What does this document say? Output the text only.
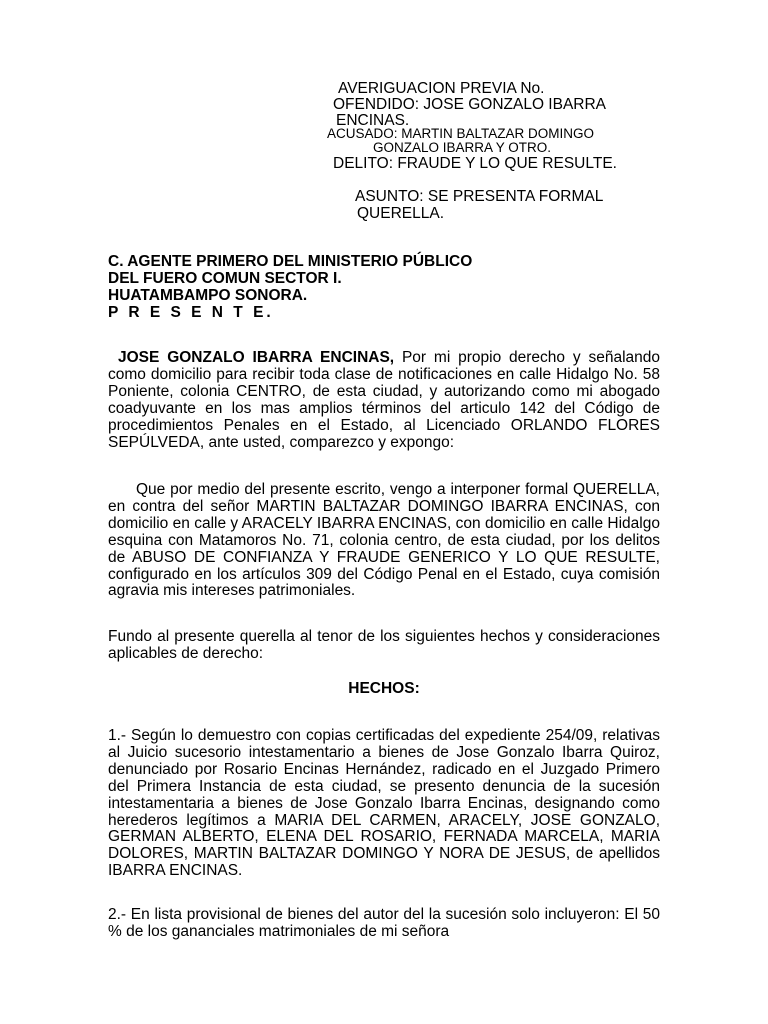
AVERIGUACION PREVIA No.
OFENDIDO: JOSE GONZALO IBARRA
ENCINAS.
ACUSADO: MARTIN BALTAZAR DOMINGO
GONZALO IBARRA Y OTRO.
DELITO: FRAUDE Y LO QUE RESULTE.
ASUNTO: SE PRESENTA FORMAL
QUERELLA.
C. AGENTE PRIMERO DEL MINISTERIO PÚBLICO
DEL FUERO COMUN SECTOR I.
HUATAMBAMPO SONORA.
P R E S E N T E.
JOSE GONZALO IBARRA ENCINAS, Por mi propio derecho y señalando como domicilio para recibir toda clase de notificaciones en calle Hidalgo No. 58 Poniente, colonia CENTRO, de esta ciudad, y autorizando como mi abogado coadyuvante en los mas amplios términos del articulo 142 del Código de procedimientos Penales en el Estado, al Licenciado ORLANDO FLORES SEPÚLVEDA, ante usted, comparezco y expongo:
Que por medio del presente escrito, vengo a interponer formal QUERELLA, en contra del señor MARTIN BALTAZAR DOMINGO IBARRA ENCINAS, con domicilio en calle y ARACELY IBARRA ENCINAS, con domicilio en calle Hidalgo esquina con Matamoros No. 71, colonia centro, de esta ciudad, por los delitos de ABUSO DE CONFIANZA Y FRAUDE GENERICO Y LO QUE RESULTE, configurado en los artículos 309 del Código Penal en el Estado, cuya comisión agravia mis intereses patrimoniales.
Fundo al presente querella al tenor de los siguientes hechos y consideraciones aplicables de derecho:
HECHOS:
1.- Según lo demuestro con copias certificadas del expediente 254/09, relativas al Juicio sucesorio intestamentario a bienes de Jose Gonzalo Ibarra Quiroz, denunciado por Rosario Encinas Hernández, radicado en el Juzgado Primero del Primera Instancia de esta ciudad, se presento denuncia de la sucesión intestamentaria a bienes de Jose Gonzalo Ibarra Encinas, designando como herederos legítimos a MARIA DEL CARMEN, ARACELY, JOSE GONZALO, GERMAN ALBERTO, ELENA DEL ROSARIO, FERNADA MARCELA, MARIA DOLORES, MARTIN BALTAZAR DOMINGO Y NORA DE JESUS, de apellidos IBARRA ENCINAS.
2.- En lista provisional de bienes del autor del la sucesión solo incluyeron: El 50 % de los gananciales matrimoniales de mi señora
